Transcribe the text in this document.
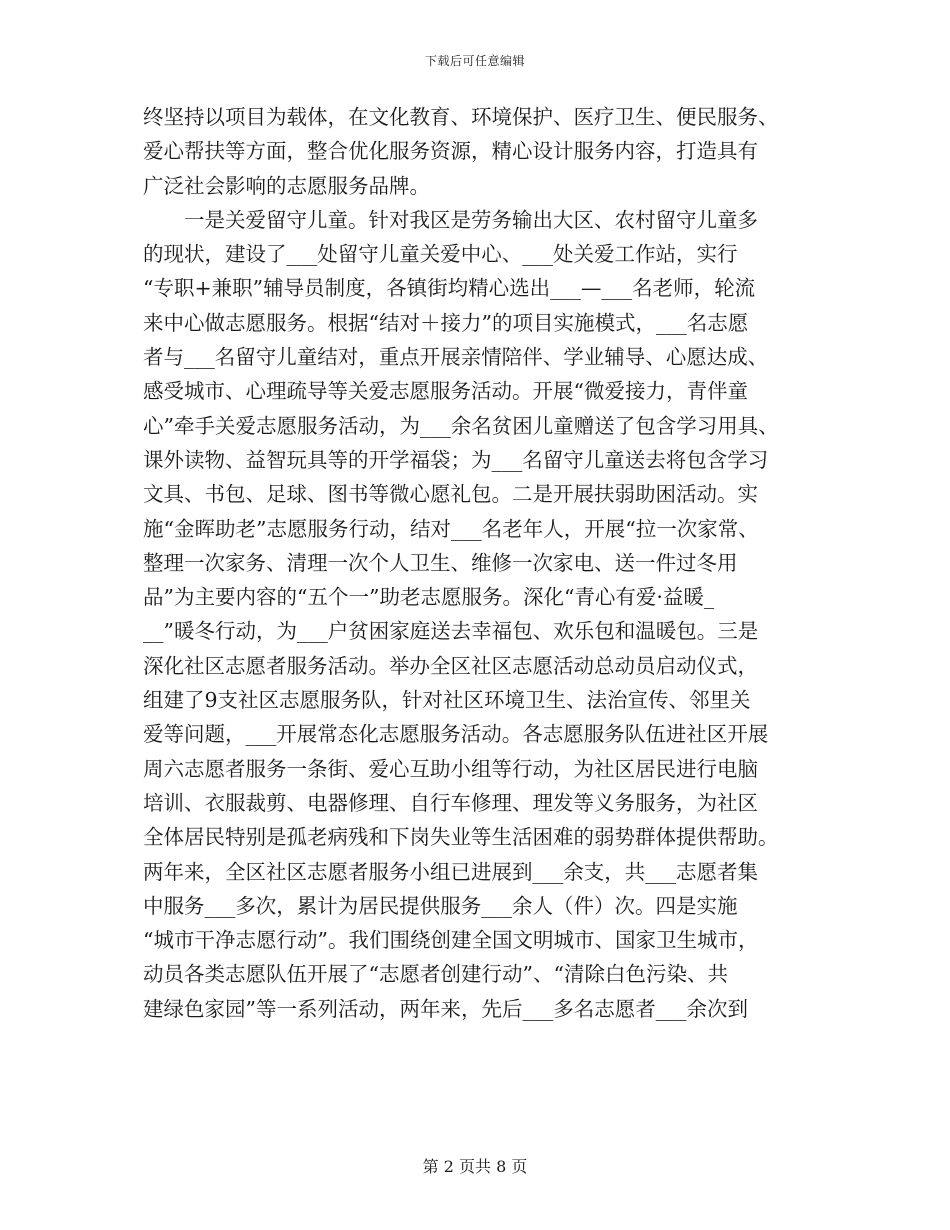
下载后可任意编辑
终坚持以项目为载体，在文化教育、环境保护、医疗卫生、便民服务、
爱心帮扶等方面，整合优化服务资源，精心设计服务内容，打造具有
广泛社会影响的志愿服务品牌。
　　一是关爱留守儿童。针对我区是劳务输出大区、农村留守儿童多
的现状，建设了___处留守儿童关爱中心、___处关爱工作站，实行
“专职+兼职”辅导员制度，各镇街均精心选出___—___名老师，轮流
来中心做志愿服务。根据“结对＋接力”的项目实施模式，___名志愿
者与___名留守儿童结对，重点开展亲情陪伴、学业辅导、心愿达成、
感受城市、心理疏导等关爱志愿服务活动。开展“微爱接力，青伴童
心”牵手关爱志愿服务活动，为___余名贫困儿童赠送了包含学习用具、
课外读物、益智玩具等的开学福袋；为___名留守儿童送去将包含学习
文具、书包、足球、图书等微心愿礼包。二是开展扶弱助困活动。实
施“金晖助老”志愿服务行动，结对___名老年人，开展“拉一次家常、
整理一次家务、清理一次个人卫生、维修一次家电、送一件过冬用
品”为主要内容的“五个一”助老志愿服务。深化“青心有爱·益暖_
__”暖冬行动，为___户贫困家庭送去幸福包、欢乐包和温暖包。三是
深化社区志愿者服务活动。举办全区社区志愿活动总动员启动仪式，
组建了9支社区志愿服务队，针对社区环境卫生、法治宣传、邻里关
爱等问题，___开展常态化志愿服务活动。各志愿服务队伍进社区开展
周六志愿者服务一条街、爱心互助小组等行动，为社区居民进行电脑
培训、衣服裁剪、电器修理、自行车修理、理发等义务服务，为社区
全体居民特别是孤老病残和下岗失业等生活困难的弱势群体提供帮助。
两年来，全区社区志愿者服务小组已进展到___余支，共___志愿者集
中服务___多次，累计为居民提供服务___余人（件）次。四是实施
“城市干净志愿行动”。我们围绕创建全国文明城市、国家卫生城市，
动员各类志愿队伍开展了“志愿者创建行动”、“清除白色污染、共
建绿色家园”等一系列活动，两年来，先后___多名志愿者___余次到
第 2 页共 8 页
